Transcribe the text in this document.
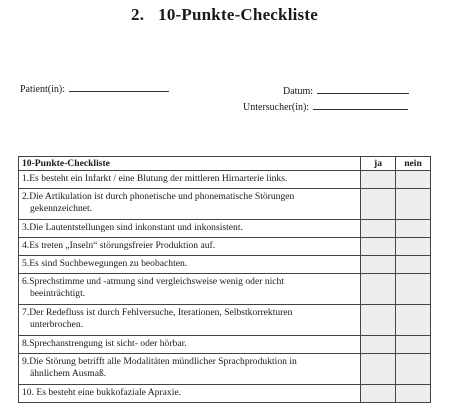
2. 10-Punkte-Checkliste
Patient(in):	Datum:
Untersucher(in):
10-Punkte-Checkliste	ja	nein
1.Es besteht ein Infarkt / eine Blutung der mittleren Hirnarterie links.		
2.Die Artikulation ist durch phonetische und phonematische Störungen
gekennzeichnet.		
3.Die Lautentstellungen sind inkonstant und inkonsistent.		
4.Es treten „Inseln“ störungsfreier Produktion auf.		
5.Es sind Suchbewegungen zu beobachten.		
6.Sprechstimme und -atmung sind vergleichsweise wenig oder nicht
beeinträchtigt.		
7.Der Redefluss ist durch Fehlversuche, Iterationen, Selbstkorrekturen
unterbrochen.		
8.Sprechanstrengung ist sicht- oder hörbar.		
9.Die Störung betrifft alle Modalitäten mündlicher Sprachproduktion in
ähnlichem Ausmaß.		
10. Es besteht eine bukkofaziale Apraxie.		
